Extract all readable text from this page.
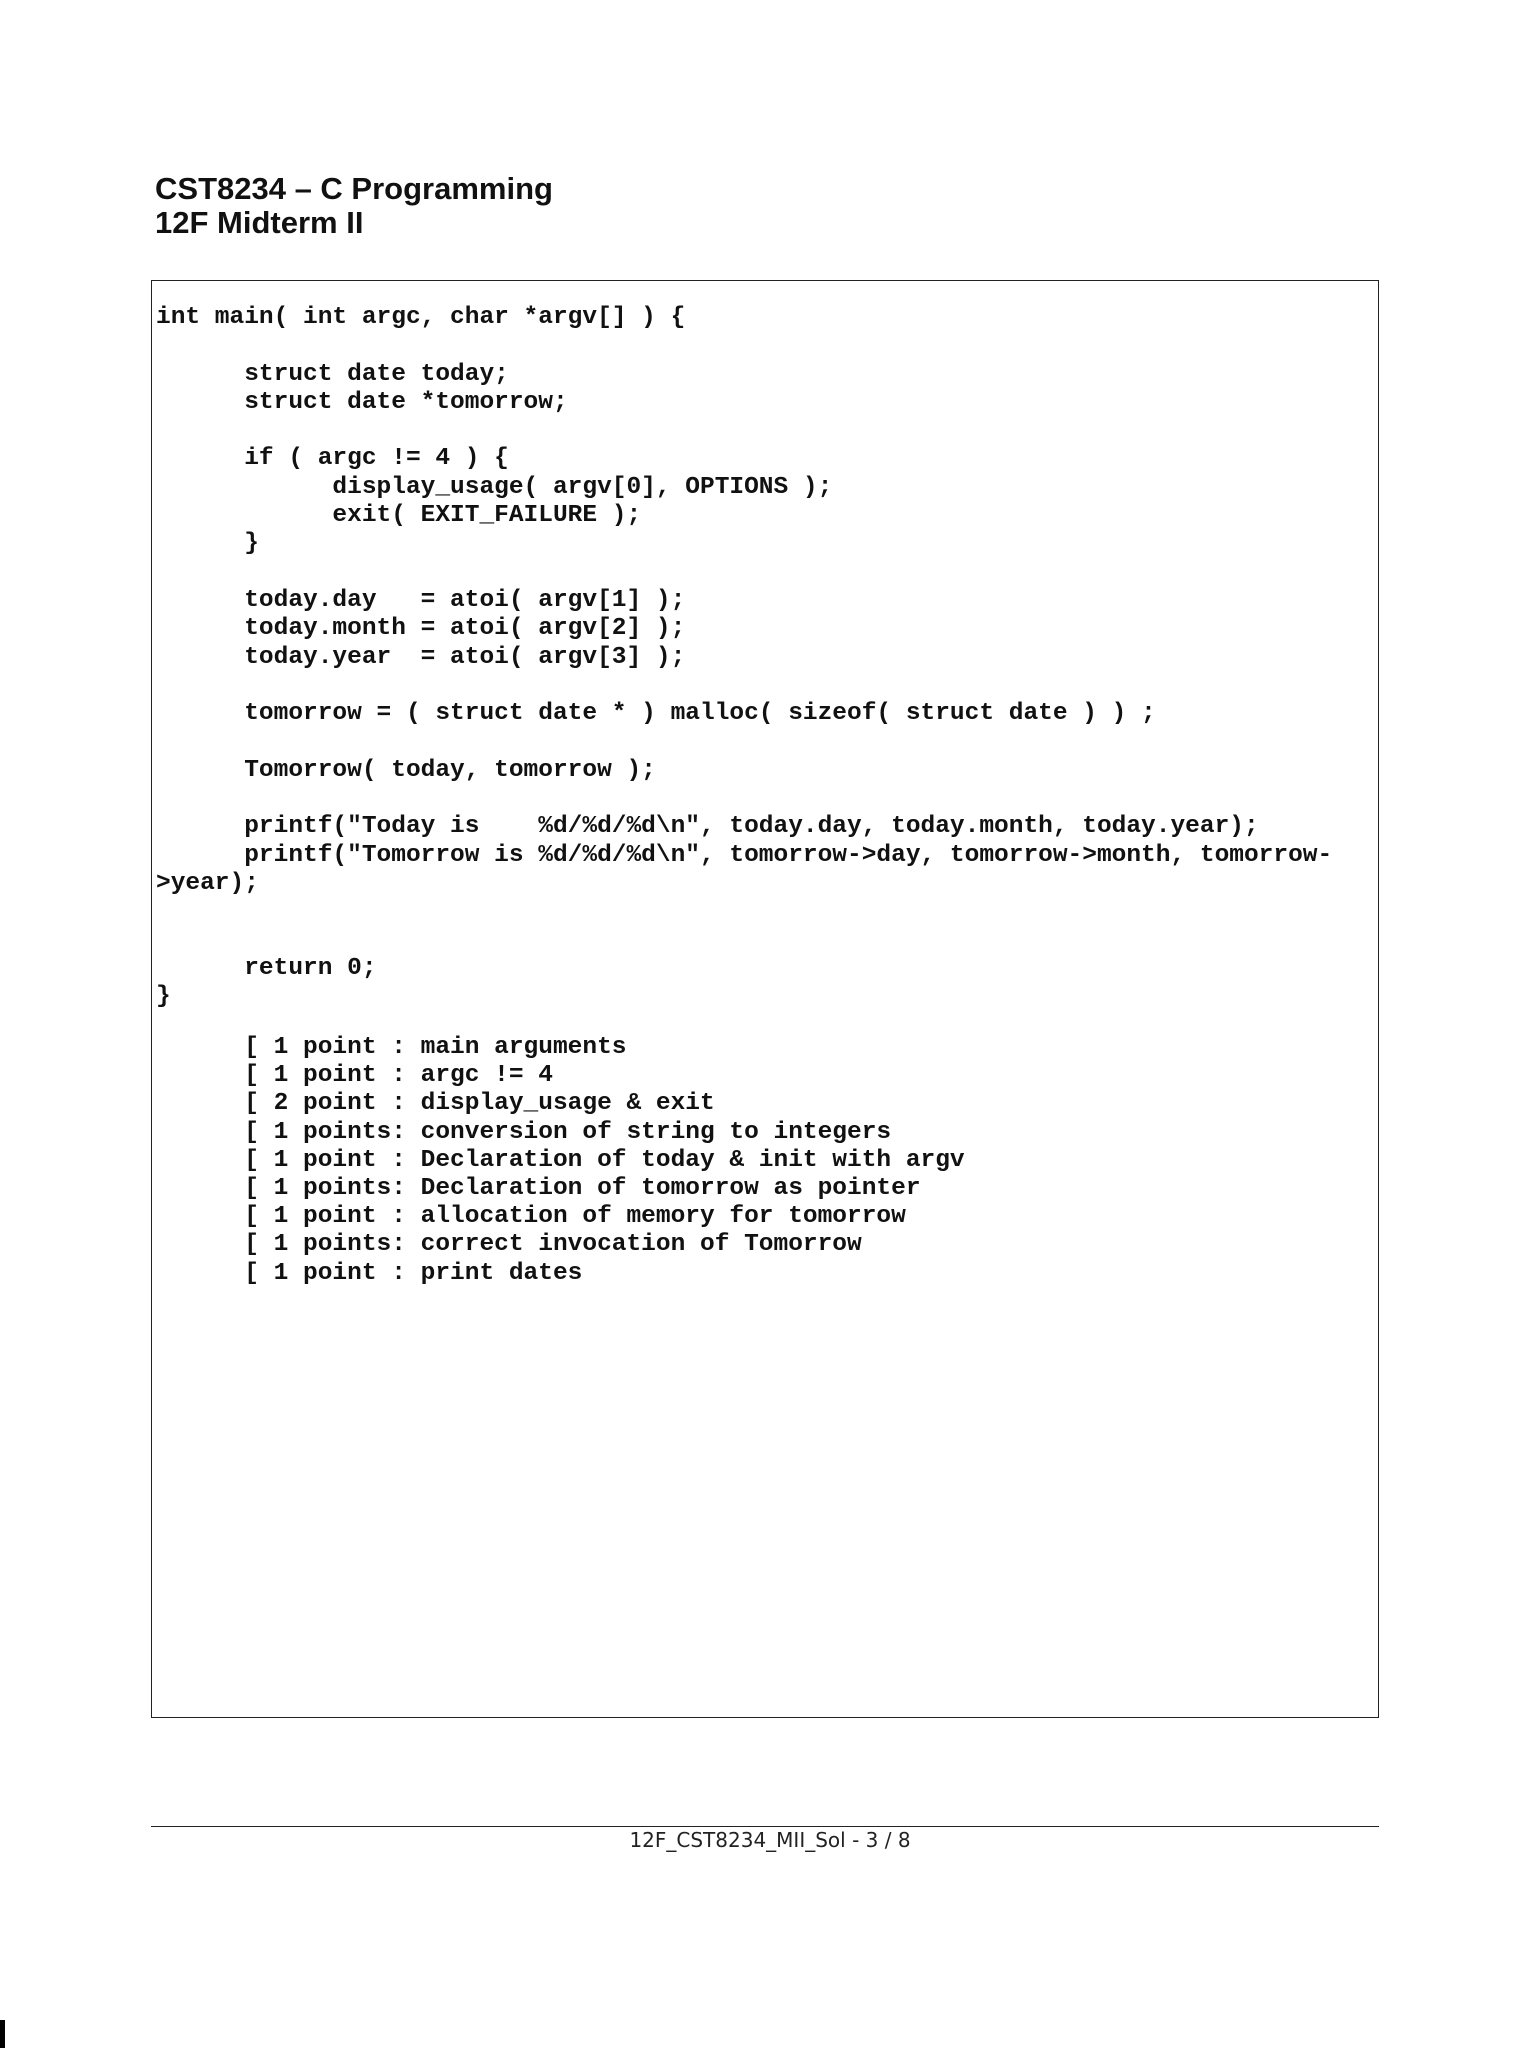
CST8234 – C Programming
12F Midterm II
int main( int argc, char *argv[] ) {
struct date today;
struct date *tomorrow;
if ( argc != 4 ) {
display_usage( argv[0], OPTIONS );
exit( EXIT_FAILURE );
}
today.day   = atoi( argv[1] );
today.month = atoi( argv[2] );
today.year  = atoi( argv[3] );
tomorrow = ( struct date * ) malloc( sizeof( struct date ) ) ;
Tomorrow( today, tomorrow );
printf("Today is    %d/%d/%d\n", today.day, today.month, today.year);
printf("Tomorrow is %d/%d/%d\n", tomorrow->day, tomorrow->month, tomorrow-
>year);
return 0;
}
[ 1 point : main arguments
[ 1 point : argc != 4
[ 2 point : display_usage & exit
[ 1 points: conversion of string to integers
[ 1 point : Declaration of today & init with argv
[ 1 points: Declaration of tomorrow as pointer
[ 1 point : allocation of memory for tomorrow
[ 1 points: correct invocation of Tomorrow
[ 1 point : print dates
12F_CST8234_MII_Sol - 3 / 8
